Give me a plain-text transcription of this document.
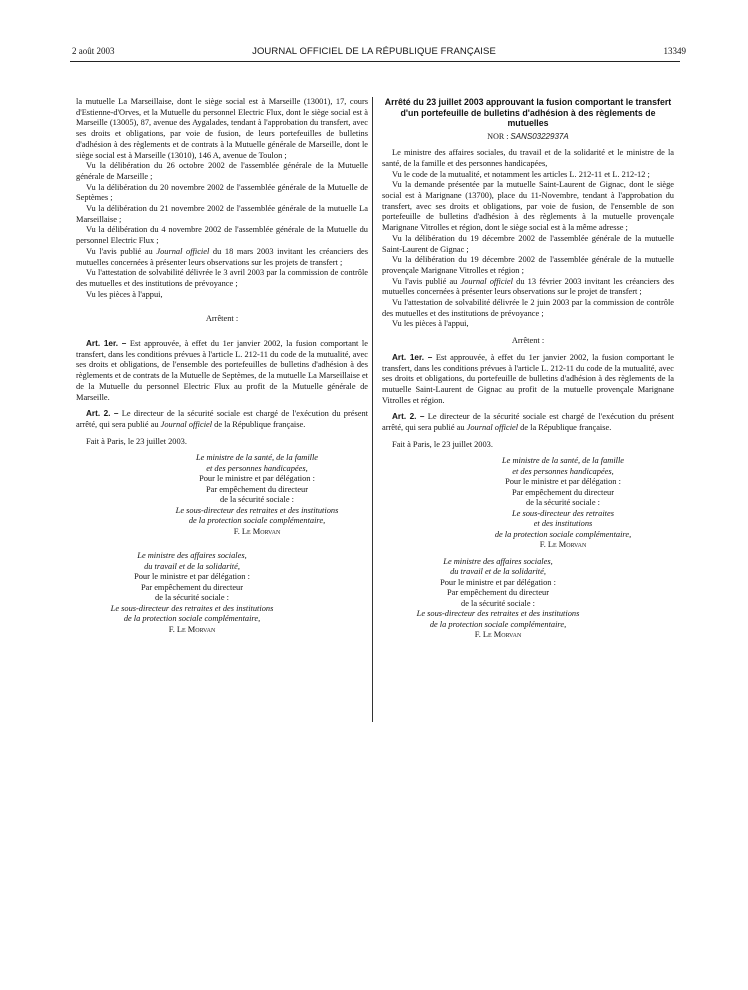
2 août 2003	JOURNAL OFFICIEL DE LA RÉPUBLIQUE FRANÇAISE	13349

la mutuelle La Marseillaise, dont le siège social est à Marseille (13001), 17, cours d'Estienne-d'Orves, et la Mutuelle du personnel Electric Flux, dont le siège social est à Marseille (13005), 87, avenue des Aygalades, tendant à l'approbation du transfert, avec ses droits et obligations, par voie de fusion, de leurs portefeuilles de bulletins d'adhésion à des règlements et de contrats à la Mutuelle générale de Marseille, dont le siège social est à Marseille (13010), 146 A, avenue de Toulon ;

Vu la délibération du 26 octobre 2002 de l'assemblée générale de la Mutuelle générale de Marseille ;

Vu la délibération du 20 novembre 2002 de l'assemblée générale de la Mutuelle de Septèmes ;

Vu la délibération du 21 novembre 2002 de l'assemblée générale de la mutuelle La Marseillaise ;

Vu la délibération du 4 novembre 2002 de l'assemblée générale de la Mutuelle du personnel Electric Flux ;

Vu l'avis publié au Journal officiel du 18 mars 2003 invitant les créanciers des mutuelles concernées à présenter leurs observations sur les projets de transfert ;

Vu l'attestation de solvabilité délivrée le 3 avril 2003 par la commission de contrôle des mutuelles et des institutions de prévoyance ;

Vu les pièces à l'appui,

Arrêtent :

Art. 1er. – Est approuvée, à effet du 1er janvier 2002, la fusion comportant le transfert, dans les conditions prévues à l'article L. 212-11 du code de la mutualité, avec ses droits et obligations, de l'ensemble des portefeuilles de bulletins d'adhésion à des règlements et de contrats de la Mutuelle de Septèmes, de la mutuelle La Marseillaise et de la Mutuelle du personnel Electric Flux au profit de la Mutuelle générale de Marseille.

Art. 2. – Le directeur de la sécurité sociale est chargé de l'exécution du présent arrêté, qui sera publié au Journal officiel de la République française.

Fait à Paris, le 23 juillet 2003.

Le ministre de la santé, de la famille
et des personnes handicapées,
Pour le ministre et par délégation :
Par empêchement du directeur
de la sécurité sociale :
Le sous-directeur des retraites et des institutions
de la protection sociale complémentaire,
F. Le Morvan
Le ministre des affaires sociales,
du travail et de la solidarité,
Pour le ministre et par délégation :
Par empêchement du directeur
de la sécurité sociale :
Le sous-directeur des retraites et des institutions
de la protection sociale complémentaire,
F. Le Morvan
Arrêté du 23 juillet 2003 approuvant la fusion comportant le transfert d'un portefeuille de bulletins d'adhésion à des règlements de mutuelles
NOR : SANS0322937A

Le ministre des affaires sociales, du travail et de la solidarité et le ministre de la santé, de la famille et des personnes handicapées,

Vu le code de la mutualité, et notamment les articles L. 212-11 et L. 212-12 ;

Vu la demande présentée par la mutuelle Saint-Laurent de Gignac, dont le siège social est à Marignane (13700), place du 11-Novembre, tendant à l'approbation du transfert, avec ses droits et obligations, par voie de fusion, de l'ensemble de son portefeuille de bulletins d'adhésion à des règlements à la mutuelle provençale Marignane Vitrolles et région, dont le siège social est à la même adresse ;

Vu la délibération du 19 décembre 2002 de l'assemblée générale de la mutuelle Saint-Laurent de Gignac ;

Vu la délibération du 19 décembre 2002 de l'assemblée générale de la mutuelle provençale Marignane Vitrolles et région ;

Vu l'avis publié au Journal officiel du 13 février 2003 invitant les créanciers des mutuelles concernées à présenter leurs observations sur le projet de transfert ;

Vu l'attestation de solvabilité délivrée le 2 juin 2003 par la commission de contrôle des mutuelles et des institutions de prévoyance ;

Vu les pièces à l'appui,

Arrêtent :

Art. 1er. – Est approuvée, à effet du 1er janvier 2002, la fusion comportant le transfert, dans les conditions prévues à l'article L. 212-11 du code de la mutualité, avec ses droits et obligations, du portefeuille de bulletins d'adhésion à des règlements de la mutuelle Saint-Laurent de Gignac au profit de la mutuelle provençale Marignane Vitrolles et région.

Art. 2. – Le directeur de la sécurité sociale est chargé de l'exécution du présent arrêté, qui sera publié au Journal officiel de la République française.

Fait à Paris, le 23 juillet 2003.

Le ministre de la santé, de la famille
et des personnes handicapées,
Pour le ministre et par délégation :
Par empêchement du directeur
de la sécurité sociale :
Le sous-directeur des retraites
et des institutions
de la protection sociale complémentaire,
F. Le Morvan
Le ministre des affaires sociales,
du travail et de la solidarité,
Pour le ministre et par délégation :
Par empêchement du directeur
de la sécurité sociale :
Le sous-directeur des retraites et des institutions
de la protection sociale complémentaire,
F. Le Morvan
